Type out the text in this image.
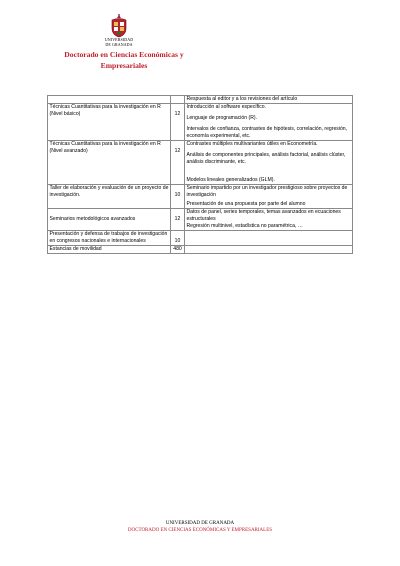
UNIVERSIDAD
DE GRANADA
Doctorado en Ciencias Económicas y Empresariales

		Respuesta al editor y a los revisiones del artículo

Técnicas Cuantitativas para la investigación en R (Nivel básico)	12	Introducción al software específico.
Lenguaje de programación (R).
Intervalos de confianza, contrastes de hipótesis, correlación, regresión, economía experimental, etc.

Técnicas Cuantitativas para la investigación en R (Nivel avanzado)	12	Contrastes múltiples multivariantes útiles en Econometría.
Análisis de componentes principales, análisis factorial, análisis clúster, análisis discriminante, etc.
Modelos lineales generalizados (GLM).

Taller de elaboración y evaluación de un proyecto de investigación.	10	Seminario impartido por un investigador prestigioso sobre proyectos de investigación
Presentación de una propuesta por parte del alumno

Seminarios metodológicos avanzados	12	Datos de panel, series temporales, temas avanzados en ecuaciones estructurales
Regresión multinivel, estadística no paramétrica, …

Presentación y defensa de trabajos de investigación en congresos nacionales e internacionales	10	
Estancias de movilidad	480	
UNIVERSIDAD DE GRANADA
DOCTORADO EN CIENCIAS ECONÓMICAS Y EMPRESARIALES
